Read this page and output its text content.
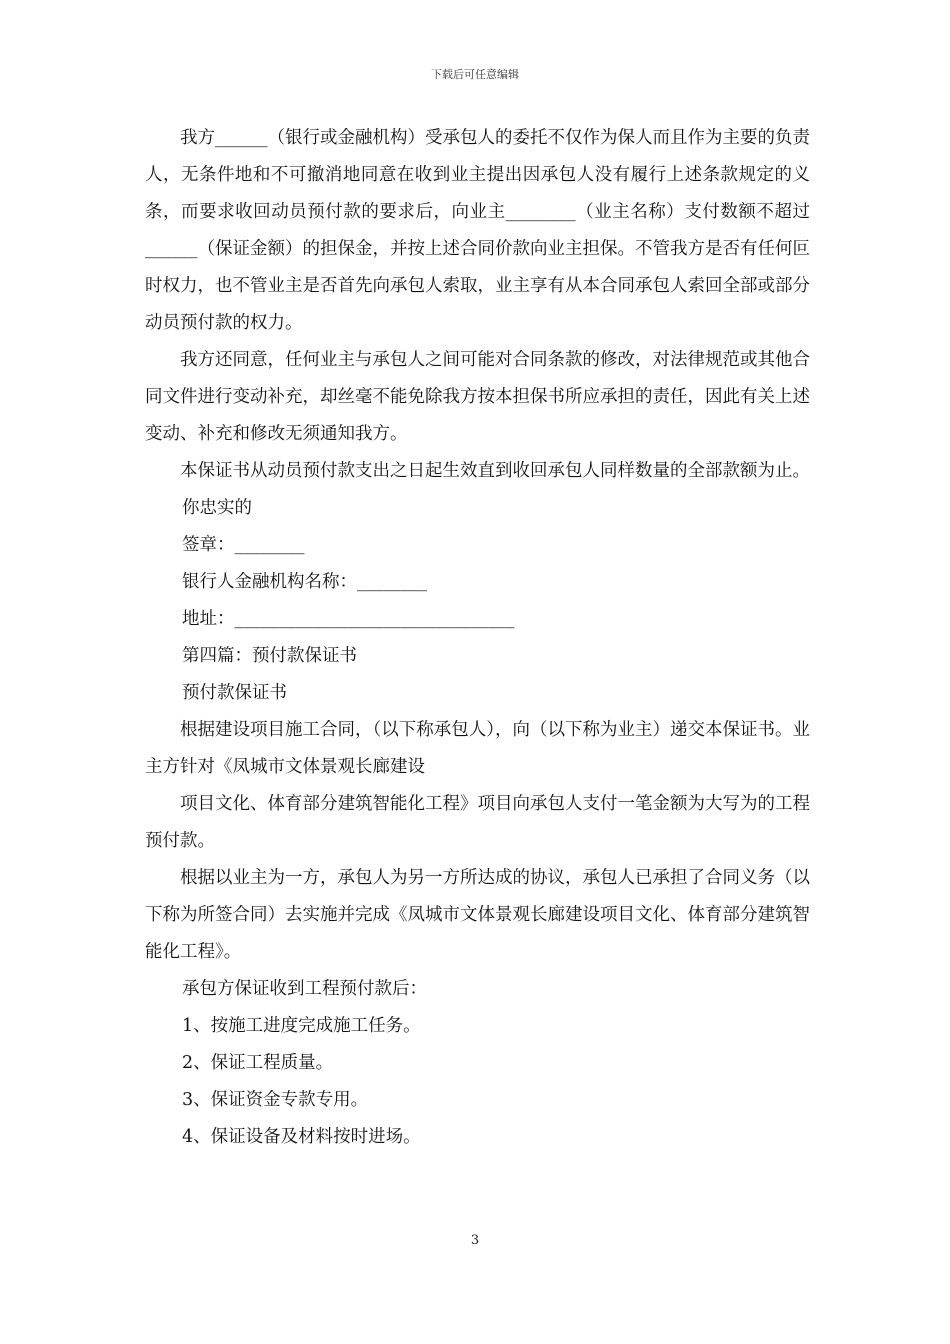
下载后可任意编辑

我方______（银行或金融机构）受承包人的委托不仅作为保人而且作为主要的负责人，无条件地和不可撤消地同意在收到业主提出因承包人没有履行上述条款规定的义条，而要求收回动员预付款的要求后，向业主________（业主名称）支付数额不超过______（保证金额）的担保金，并按上述合同价款向业主担保。不管我方是否有任何叵时权力，也不管业主是否首先向承包人索取，业主享有从本合同承包人索回全部或部分动员预付款的权力。

我方还同意，任何业主与承包人之间可能对合同条款的修改，对法律规范或其他合同文件进行变动补充，却丝毫不能免除我方按本担保书所应承担的责任，因此有关上述变动、补充和修改无须通知我方。

本保证书从动员预付款支出之日起生效直到收回承包人同样数量的全部款额为止。

你忠实的

签章：________

银行人金融机构名称：________

地址：________________________________

第四篇：预付款保证书

预付款保证书

根据建设项目施工合同，（以下称承包人），向（以下称为业主）递交本保证书。业主方针对《凤城市文体景观长廊建设

项目文化、体育部分建筑智能化工程》项目向承包人支付一笔金额为大写为的工程预付款。

根据以业主为一方，承包人为另一方所达成的协议，承包人已承担了合同义务（以下称为所签合同）去实施并完成《凤城市文体景观长廊建设项目文化、体育部分建筑智能化工程》。

承包方保证收到工程预付款后：

1、按施工进度完成施工任务。

2、保证工程质量。

3、保证资金专款专用。

4、保证设备及材料按时进场。

3
